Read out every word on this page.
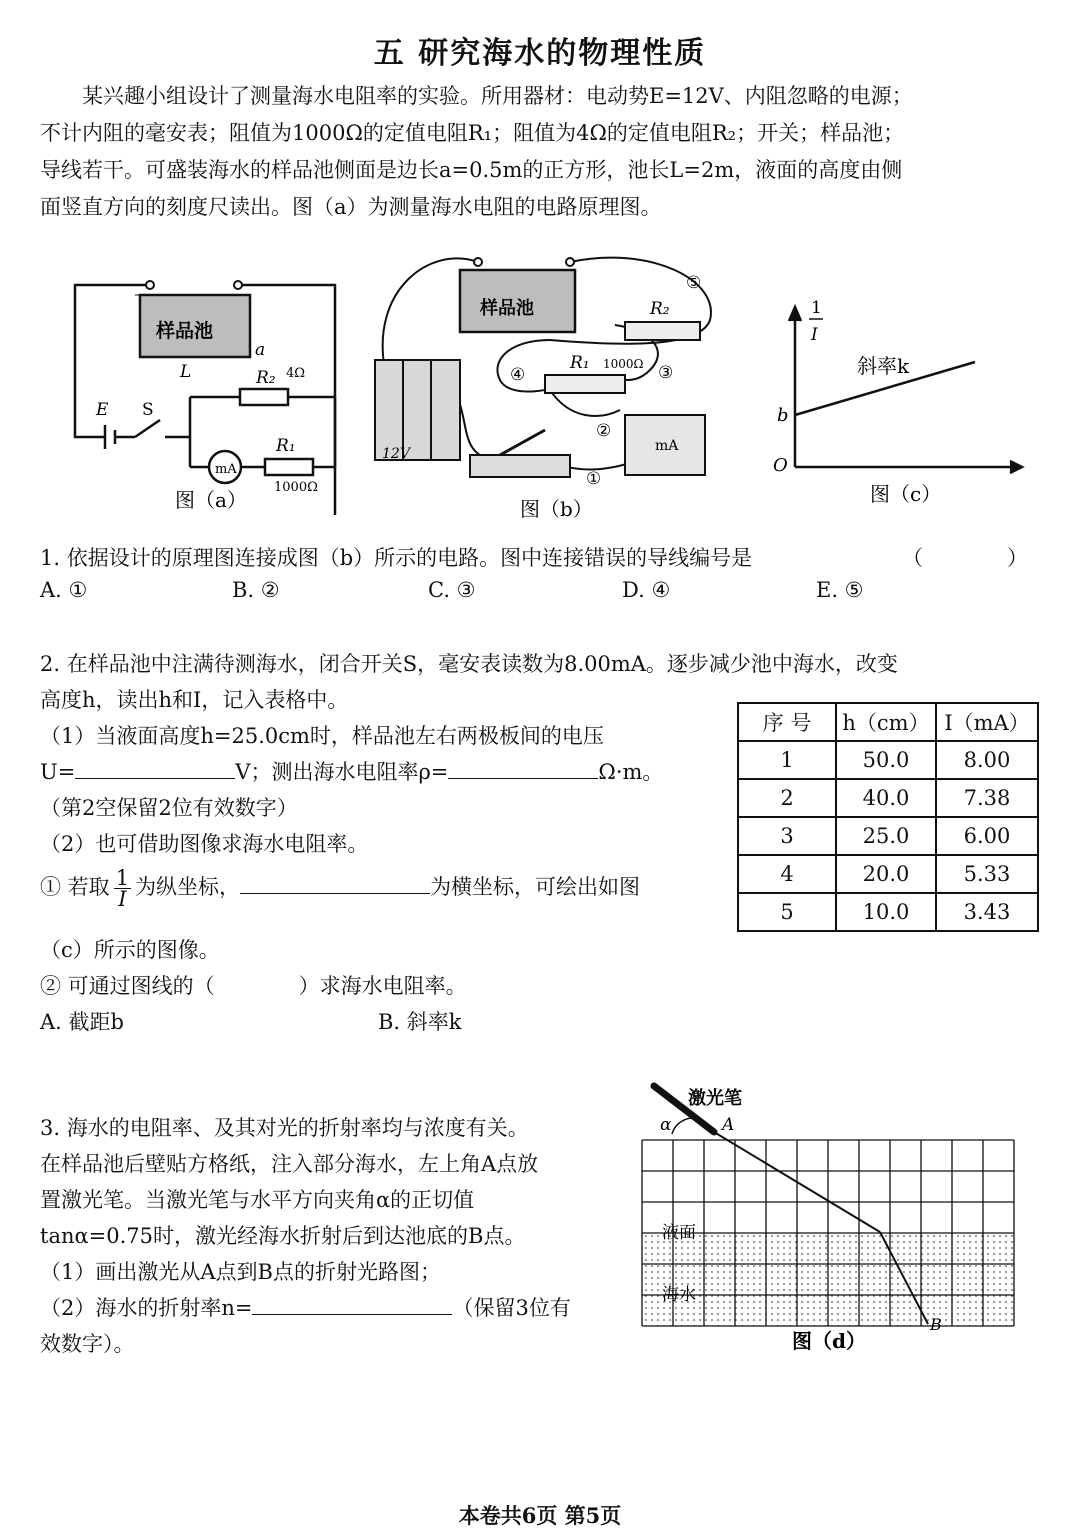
五 研究海水的物理性质
某兴趣小组设计了测量海水电阻率的实验。所用器材：电动势E=12V、内阻忽略的电源；
不计内阻的毫安表；阻值为1000Ω的定值电阻R₁；阻值为4Ω的定值电阻R₂；开关；样品池；
导线若干。可盛装海水的样品池侧面是边长a=0.5m的正方形，池长L=2m，液面的高度由侧
面竖直方向的刻度尺读出。图（a）为测量海水电阻的电路原理图。
样品池
a
L
E S
R₂ 4Ω
mA
R₁
1000Ω
图（a）
样品池
12V
R₂
R₁ 1000Ω
mA
⑤
③
④
②
①
图（b）
1
I
斜率k
b
O
图（c）
1. 依据设计的原理图连接成图（b）所示的电路。图中连接错误的导线编号是	（　　　　）
A. ①	B. ②	C. ③	D. ④	E. ⑤
2. 在样品池中注满待测海水，闭合开关S，毫安表读数为8.00mA。逐步减少池中海水，改变
高度h，读出h和I，记入表格中。
（1）当液面高度h=25.0cm时，样品池左右两极板间的电压
U=	V；测出海水电阻率ρ=	Ω·m。
（第2空保留2位有效数字）
（2）也可借助图像求海水电阻率。
① 若取 $\frac{1}{I}$ 为纵坐标，	为横坐标，可绘出如图
（c）所示的图像。
② 可通过图线的（　　　　）求海水电阻率。
A. 截距b	B. 斜率k
序 号	h（cm）	I（mA）
1	50.0	8.00
2	40.0	7.38
3	25.0	6.00
4	20.0	5.33
5	10.0	3.43
3. 海水的电阻率、及其对光的折射率均与浓度有关。
在样品池后壁贴方格纸，注入部分海水，左上角A点放
置激光笔。当激光笔与水平方向夹角α的正切值
tanα=0.75时，激光经海水折射后到达池底的B点。
（1）画出激光从A点到B点的折射光路图；
（2）海水的折射率n=	（保留3位有
效数字）。
激光笔
α	A
B
液面
海水
图（d）
本卷共6页 第5页
